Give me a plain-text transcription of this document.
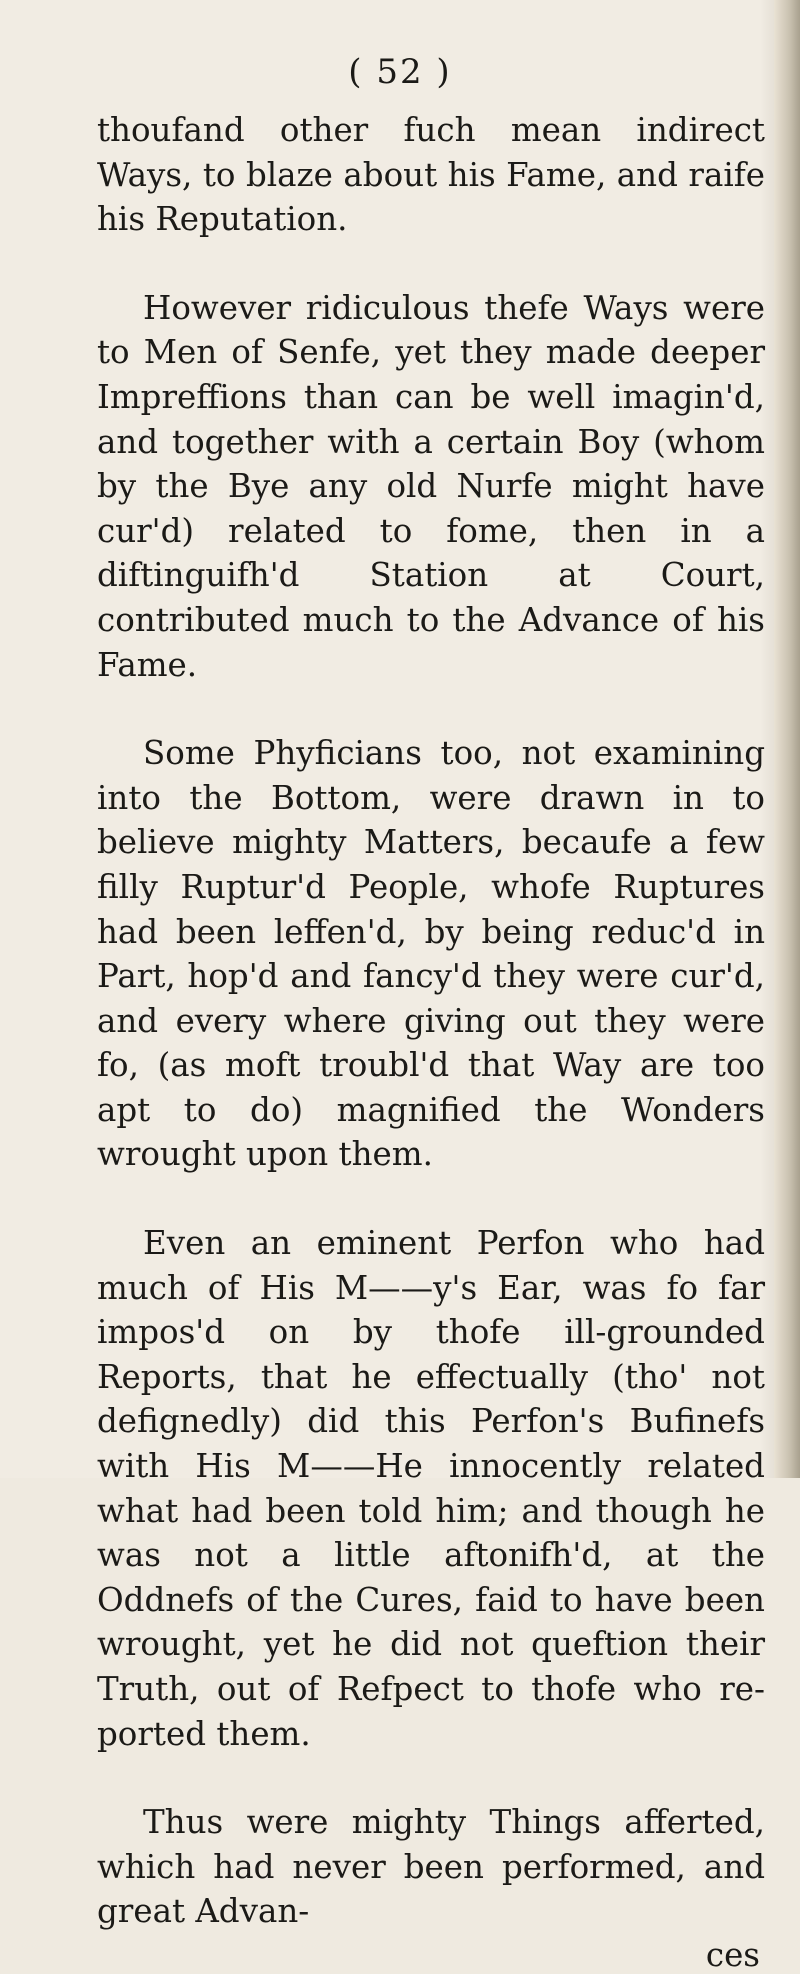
( 52 )

thoufand other fuch mean indirect Ways, to blaze about his Fame, and raife his Reputation.

However ridiculous thefe Ways were to Men of Senfe, yet they made deeper Impreffions than can be well imagin'd, and together with a certain Boy (whom by the Bye any old Nurfe might have cur'd) related to fome, then in a diftinguifh'd Station at Court, contributed much to the Advance of his Fame.

Some Phyficians too, not examining into the Bottom, were drawn in to believe mighty Matters, becaufe a few filly Ruptur'd People, whofe Ruptures had been leffen'd, by being reduc'd in Part, hop'd and fancy'd they were cur'd, and every where giving out they were fo, (as moft troubl'd that Way are too apt to do) magnified the Wonders wrought upon them.

Even an eminent Perfon who had much of His M——y's Ear, was fo far impos'd on by thofe ill-grounded Reports, that he effectually (tho' not defignedly) did this Perfon's Bufinefs with His M——He innocently related what had been told him; and though he was not a little aftonifh'd, at the Oddnefs of the Cures, faid to have been wrought, yet he did not queftion their Truth, out of Refpect to thofe who reported them.

Thus were mighty Things afferted, which had never been performed, and great Advan-

ces
